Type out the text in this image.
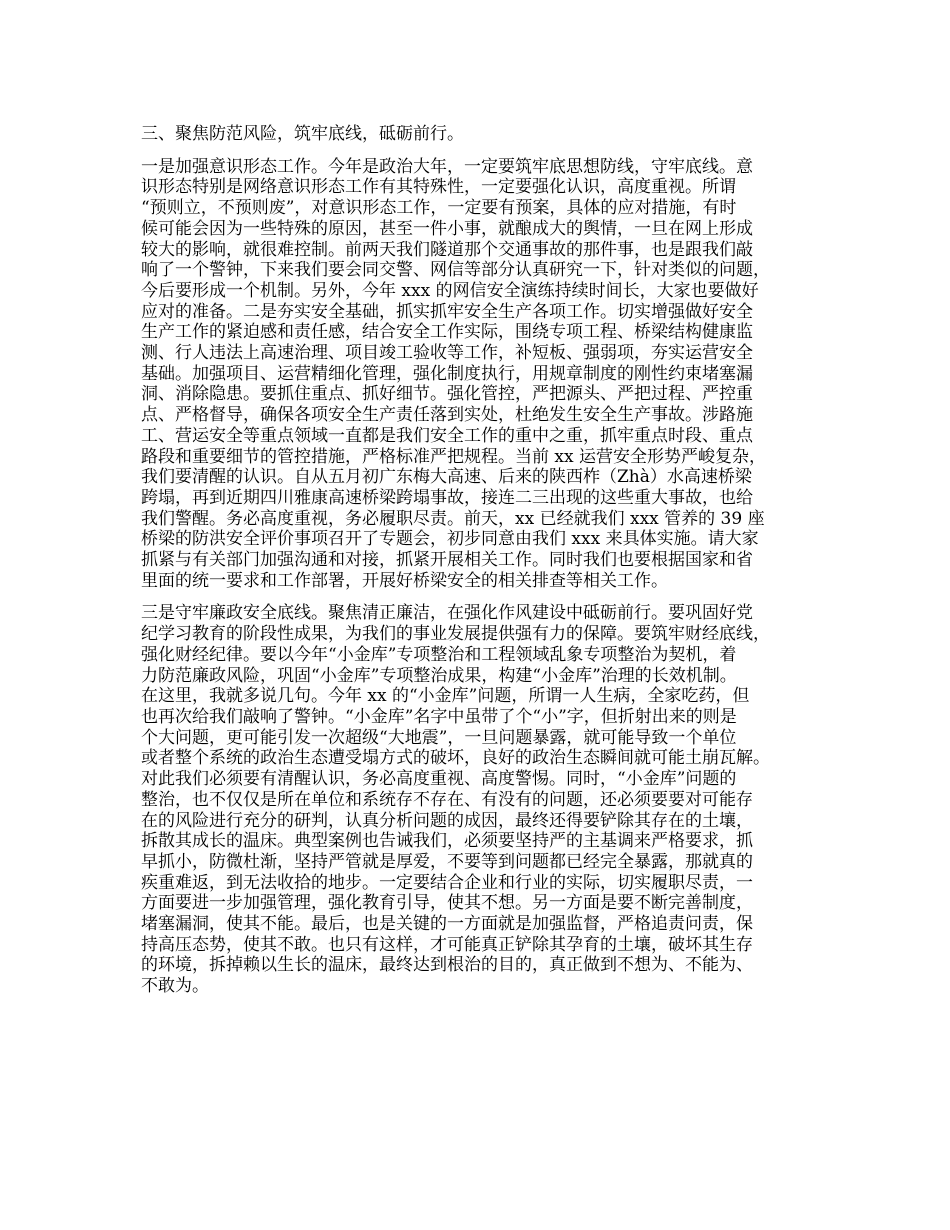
三、聚焦防范风险，筑牢底线，砥砺前行。

一是加强意识形态工作。今年是政治大年，一定要筑牢底思想防线，守牢底线。意
识形态特别是网络意识形态工作有其特殊性，一定要强化认识，高度重视。所谓
“预则立，不预则废”，对意识形态工作，一定要有预案，具体的应对措施，有时
候可能会因为一些特殊的原因，甚至一件小事，就酿成大的舆情，一旦在网上形成
较大的影响，就很难控制。前两天我们隧道那个交通事故的那件事，也是跟我们敲
响了一个警钟，下来我们要会同交警、网信等部分认真研究一下，针对类似的问题，
今后要形成一个机制。另外，今年 xxx 的网信安全演练持续时间长，大家也要做好
应对的准备。二是夯实安全基础，抓实抓牢安全生产各项工作。切实增强做好安全
生产工作的紧迫感和责任感，结合安全工作实际，围绕专项工程、桥梁结构健康监
测、行人违法上高速治理、项目竣工验收等工作，补短板、强弱项，夯实运营安全
基础。加强项目、运营精细化管理，强化制度执行，用规章制度的刚性约束堵塞漏
洞、消除隐患。要抓住重点、抓好细节。强化管控，严把源头、严把过程、严控重
点、严格督导，确保各项安全生产责任落到实处，杜绝发生安全生产事故。涉路施
工、营运安全等重点领域一直都是我们安全工作的重中之重，抓牢重点时段、重点
路段和重要细节的管控措施，严格标准严把规程。当前 xx 运营安全形势严峻复杂，
我们要清醒的认识。自从五月初广东梅大高速、后来的陕西柞（Zhà）水高速桥梁
跨塌，再到近期四川雅康高速桥梁跨塌事故，接连二三出现的这些重大事故，也给
我们警醒。务必高度重视，务必履职尽责。前天，xx 已经就我们 xxx 管养的 39 座
桥梁的防洪安全评价事项召开了专题会，初步同意由我们 xxx 来具体实施。请大家
抓紧与有关部门加强沟通和对接，抓紧开展相关工作。同时我们也要根据国家和省
里面的统一要求和工作部署，开展好桥梁安全的相关排查等相关工作。

三是守牢廉政安全底线。聚焦清正廉洁，在强化作风建设中砥砺前行。要巩固好党
纪学习教育的阶段性成果，为我们的事业发展提供强有力的保障。要筑牢财经底线，
强化财经纪律。要以今年“小金库”专项整治和工程领域乱象专项整治为契机，着
力防范廉政风险，巩固“小金库”专项整治成果，构建“小金库”治理的长效机制。
在这里，我就多说几句。今年 xx 的“小金库”问题，所谓一人生病，全家吃药，但
也再次给我们敲响了警钟。“小金库”名字中虽带了个“小”字，但折射出来的则是
个大问题，更可能引发一次超级“大地震”，一旦问题暴露，就可能导致一个单位
或者整个系统的政治生态遭受塌方式的破坏，良好的政治生态瞬间就可能土崩瓦解。
对此我们必须要有清醒认识，务必高度重视、高度警惕。同时，“小金库”问题的
整治，也不仅仅是所在单位和系统存不存在、有没有的问题，还必须要要对可能存
在的风险进行充分的研判，认真分析问题的成因，最终还得要铲除其存在的土壤，
拆散其成长的温床。典型案例也告诫我们，必须要坚持严的主基调来严格要求，抓
早抓小，防微杜渐，坚持严管就是厚爱，不要等到问题都已经完全暴露，那就真的
疾重难返，到无法收拾的地步。一定要结合企业和行业的实际，切实履职尽责，一
方面要进一步加强管理，强化教育引导，使其不想。另一方面是要不断完善制度，
堵塞漏洞，使其不能。最后，也是关键的一方面就是加强监督，严格追责问责，保
持高压态势，使其不敢。也只有这样，才可能真正铲除其孕育的土壤，破坏其生存
的环境，拆掉赖以生长的温床，最终达到根治的目的，真正做到不想为、不能为、
不敢为。
